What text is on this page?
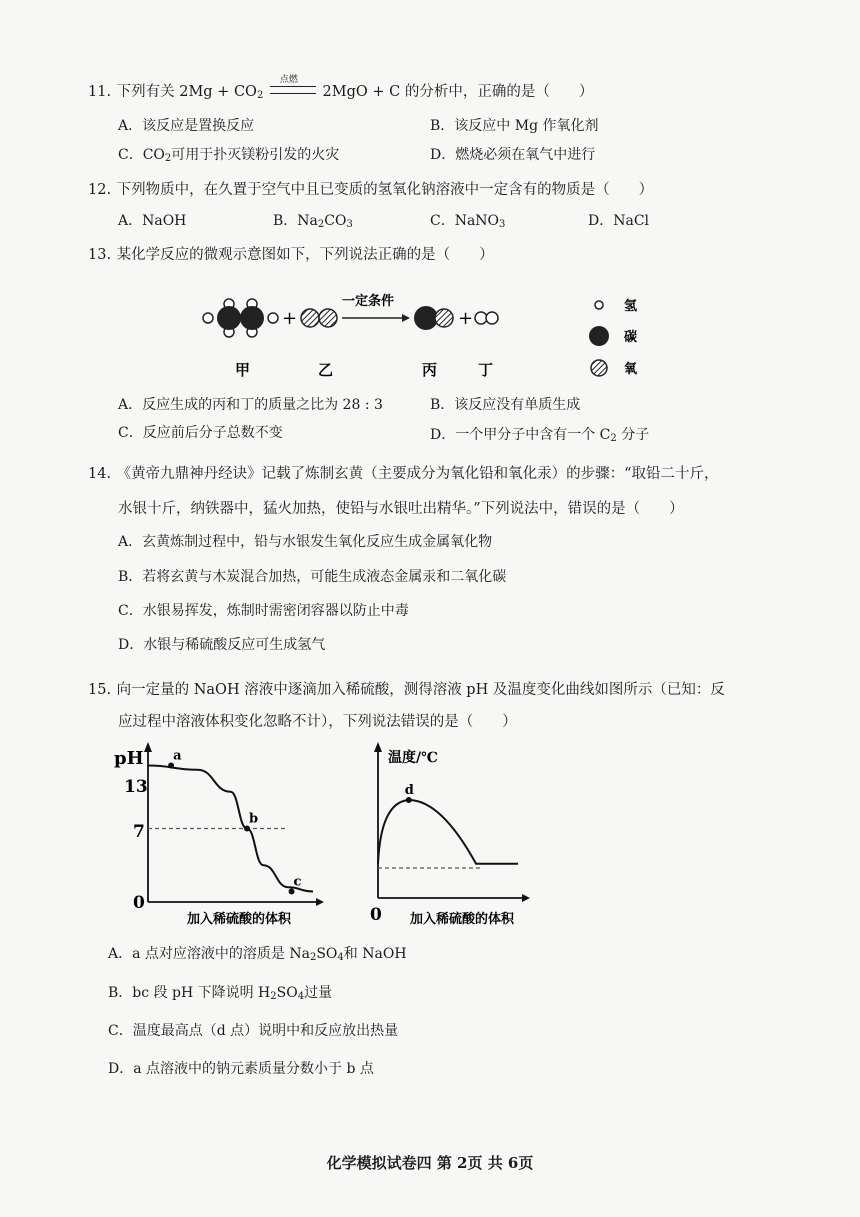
11. 下列有关 $2Mg + CO_2$
点燃
2MgO + C 的分析中，正确的是（　　）
A．该反应是置换反应	B．该反应中 Mg 作氧化剂
C．$CO_2$可用于扑灭镁粉引发的火灾	D．燃烧必须在氧气中进行
12. 下列物质中，在久置于空气中且已变质的氢氧化钠溶液中一定含有的物质是（　　）
A．NaOH	B．$Na_2CO_3$	C．NaNO$_3$	D．NaCl
13. 某化学反应的微观示意图如下，下列说法正确的是（　　）
+
一定条件
+
甲	乙	丙	丁
氢
碳
氧
A．反应生成的丙和丁的质量之比为 28 : 3	B．该反应没有单质生成
C．反应前后分子总数不变	D．一个甲分子中含有一个 $C_2$ 分子
14. 《黄帝九鼎神丹经诀》记载了炼制玄黄（主要成分为氧化铅和氧化汞）的步骤：“取铅二十斤，
水银十斤，纳铁器中，猛火加热，使铅与水银吐出精华。”下列说法中，错误的是（　　）
A．玄黄炼制过程中，铅与水银发生氧化反应生成金属氧化物
B．若将玄黄与木炭混合加热，可能生成液态金属汞和二氧化碳
C．水银易挥发，炼制时需密闭容器以防止中毒
D．水银与稀硫酸反应可生成氢气
15. 向一定量的 NaOH 溶液中逐滴加入稀硫酸，测得溶液 pH 及温度变化曲线如图所示（已知：反
应过程中溶液体积变化忽略不计），下列说法错误的是（　　）
pH
13
7
0
a
b
c
加入稀硫酸的体积
温度/℃
0
d
加入稀硫酸的体积
A．a 点对应溶液中的溶质是 $Na_2SO_4$和 NaOH
B．bc 段 pH 下降说明 $H_2SO_4$过量
C．温度最高点（d 点）说明中和反应放出热量
D．a 点溶液中的钠元素质量分数小于 b 点
化学模拟试卷四 第 2页 共 6页
